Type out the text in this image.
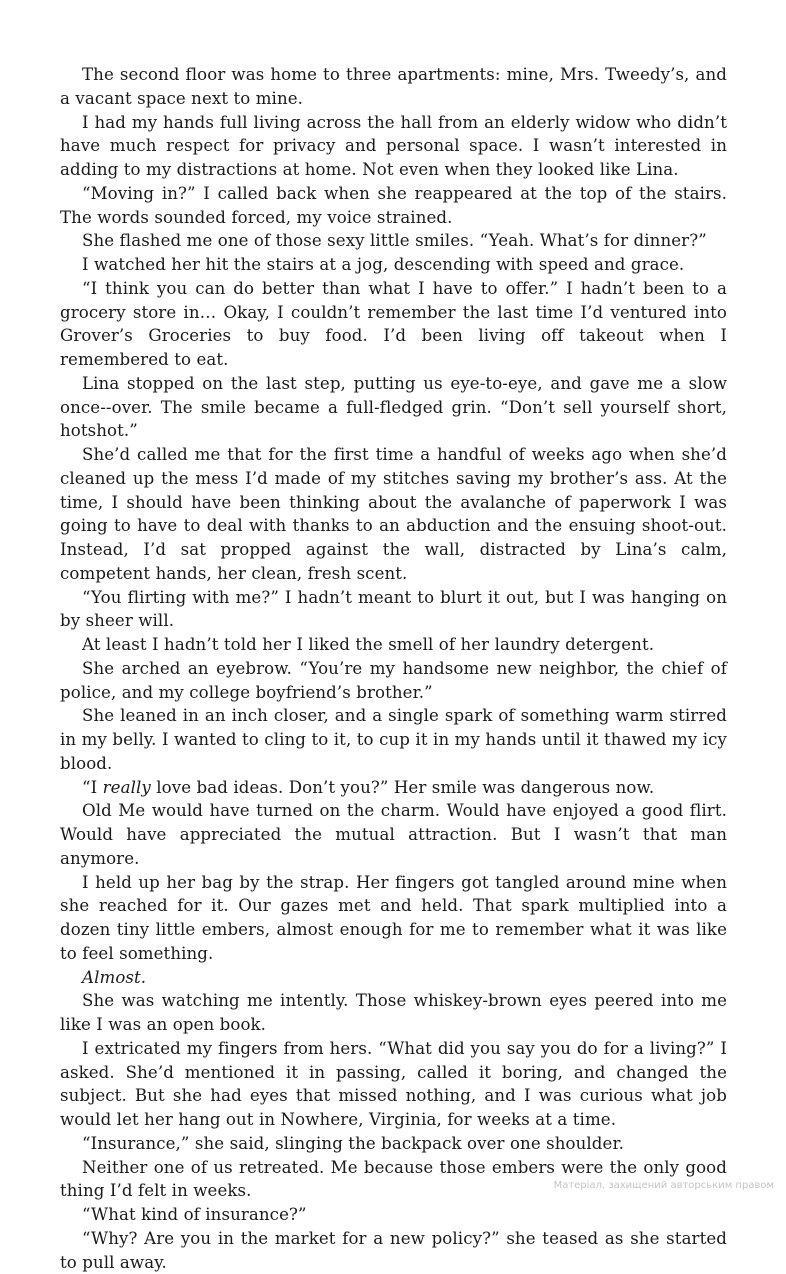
The second floor was home to three apartments: mine, Mrs. Tweedy’s, and a vacant space next to mine.

I had my hands full living across the hall from an elderly widow who didn’t have much respect for privacy and personal space. I wasn’t interested in adding to my distractions at home. Not even when they looked like Lina.

“Moving in?” I called back when she reappeared at the top of the stairs. The words sounded forced, my voice strained.

She flashed me one of those sexy little smiles. “Yeah. What’s for dinner?”

I watched her hit the stairs at a jog, descending with speed and grace.

“I think you can do better than what I have to offer.” I hadn’t been to a grocery store in… Okay, I couldn’t remember the last time I’d ventured into Grover’s Groceries to buy food. I’d been living off takeout when I remembered to eat.

Lina stopped on the last step, putting us eye-to-eye, and gave me a slow once--over. The smile became a full-fledged grin. “Don’t sell yourself short, hotshot.”

She’d called me that for the first time a handful of weeks ago when she’d cleaned up the mess I’d made of my stitches saving my brother’s ass. At the time, I should have been thinking about the avalanche of paperwork I was going to have to deal with thanks to an abduction and the ensuing shoot-out. Instead, I’d sat propped against the wall, distracted by Lina’s calm, competent hands, her clean, fresh scent.

“You flirting with me?” I hadn’t meant to blurt it out, but I was hanging on by sheer will.

At least I hadn’t told her I liked the smell of her laundry detergent.

She arched an eyebrow. “You’re my handsome new neighbor, the chief of police, and my college boyfriend’s brother.”

She leaned in an inch closer, and a single spark of something warm stirred in my belly. I wanted to cling to it, to cup it in my hands until it thawed my icy blood.

“I really love bad ideas. Don’t you?” Her smile was dangerous now.

Old Me would have turned on the charm. Would have enjoyed a good flirt. Would have appreciated the mutual attraction. But I wasn’t that man anymore.

I held up her bag by the strap. Her fingers got tangled around mine when she reached for it. Our gazes met and held. That spark multiplied into a dozen tiny little embers, almost enough for me to remember what it was like to feel something.

Almost.

She was watching me intently. Those whiskey-brown eyes peered into me like I was an open book.

I extricated my fingers from hers. “What did you say you do for a living?” I asked. She’d mentioned it in passing, called it boring, and changed the subject. But she had eyes that missed nothing, and I was curious what job would let her hang out in Nowhere, Virginia, for weeks at a time.

“Insurance,” she said, slinging the backpack over one shoulder.

Neither one of us retreated. Me because those embers were the only good thing I’d felt in weeks.

“What kind of insurance?”

“Why? Are you in the market for a new policy?” she teased as she started to pull away.

Матеріал, захищений авторським правом
